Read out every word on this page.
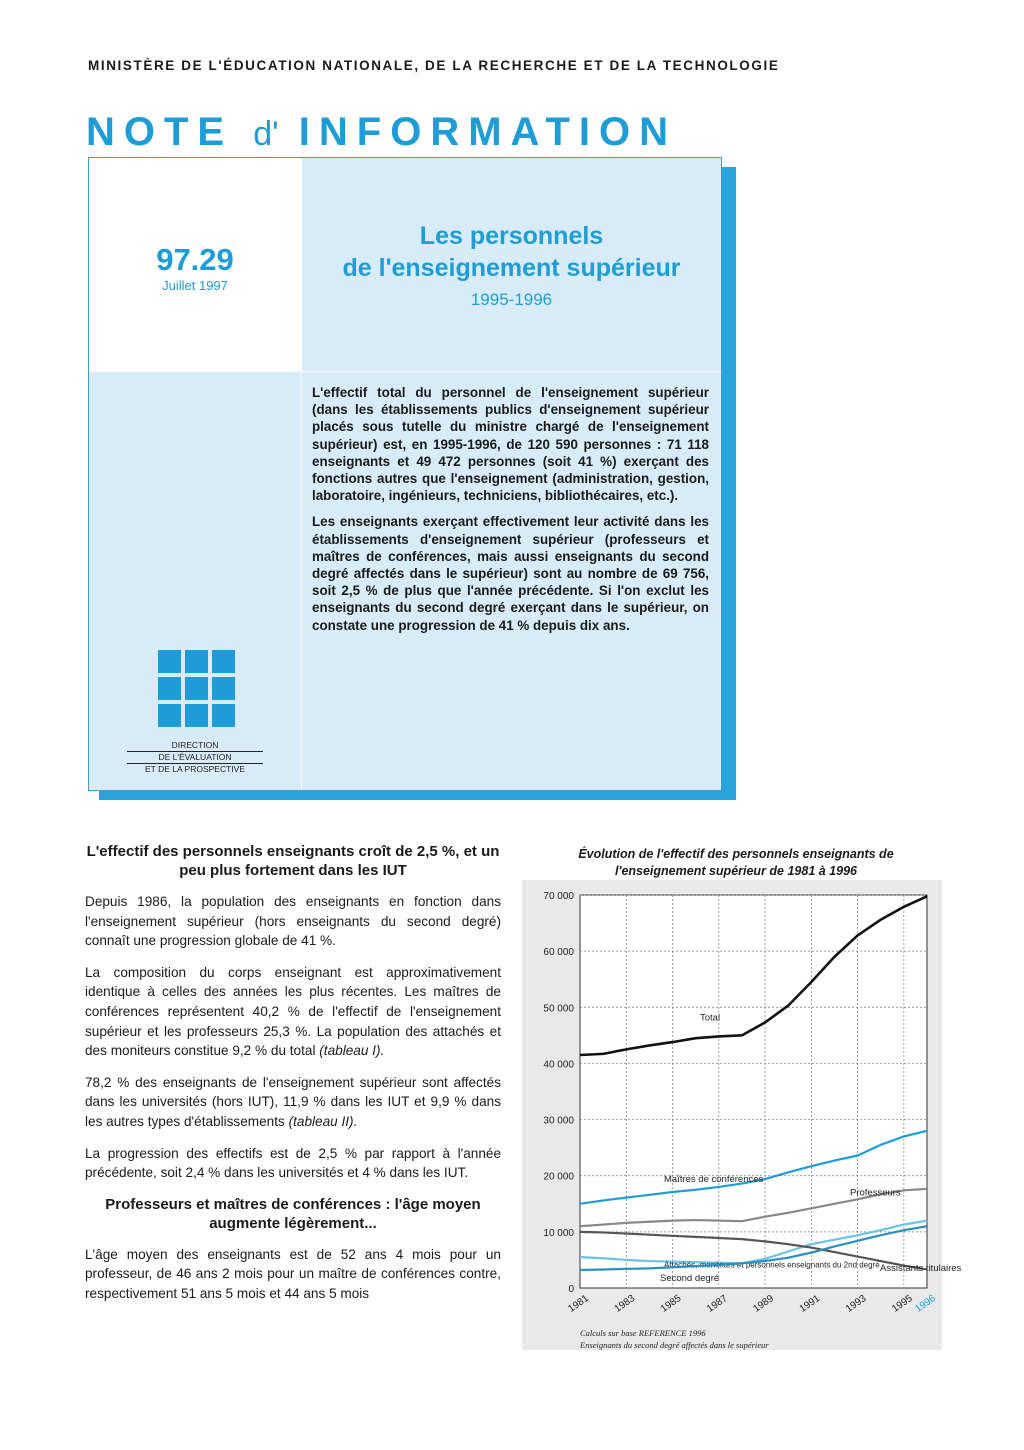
MINISTÈRE DE L'ÉDUCATION NATIONALE, DE LA RECHERCHE ET DE LA TECHNOLOGIE
NOTE d' INFORMATION
97.29
Juillet 1997
Les personnels
de l'enseignement supérieur
1995-1996
DIRECTION
DE L'ÉVALUATION
ET DE LA PROSPECTIVE

L'effectif total du personnel de l'enseignement supérieur (dans les établissements publics d'enseignement supérieur placés sous tutelle du ministre chargé de l'enseignement supérieur) est, en 1995-1996, de 120 590 personnes : 71 118 enseignants et 49 472 personnes (soit 41 %) exerçant des fonctions autres que l'enseignement (administration, gestion, laboratoire, ingénieurs, techniciens, bibliothécaires, etc.).

Les enseignants exerçant effectivement leur activité dans les établissements d'enseignement supérieur (professeurs et maîtres de conférences, mais aussi enseignants du second degré affectés dans le supérieur) sont au nombre de 69 756, soit 2,5 % de plus que l'année précédente. Si l'on exclut les enseignants du second degré exerçant dans le supérieur, on constate une progression de 41 % depuis dix ans.

L'effectif des personnels enseignants croît de 2,5 %, et un peu plus fortement dans les IUT

Depuis 1986, la population des enseignants en fonction dans l'enseignement supérieur (hors enseignants du second degré) connaît une progression globale de 41 %.

La composition du corps enseignant est approximativement identique à celles des années les plus récentes. Les maîtres de conférences représentent 40,2 % de l'effectif de l'enseignement supérieur et les professeurs 25,3 %. La population des attachés et des moniteurs constitue 9,2 % du total (tableau I).

78,2 % des enseignants de l'enseignement supérieur sont affectés dans les universités (hors IUT), 11,9 % dans les IUT et 9,9 % dans les autres types d'établissements (tableau II).

La progression des effectifs est de 2,5 % par rapport à l'année précédente, soit 2,4 % dans les universités et 4 % dans les IUT.

Professeurs et maîtres de conférences : l'âge moyen augmente légèrement...

L'âge moyen des enseignants est de 52 ans 4 mois pour un professeur, de 46 ans 2 mois pour un maître de conférences contre, respectivement 51 ans 5 mois et 44 ans 5 mois

Évolution de l'effectif des personnels enseignants de l'enseignement supérieur de 1981 à 1996
0
10 000
20 000
30 000
40 000
50 000
60 000
70 000
1981 1983 1985 1987 1989 1991 1993 1995
1996
Total
Maîtres de conférences
Professeurs
Attachés, moniteurs et personnels enseignants du 2nd degré Assistants titulaires
Second degré
Calculs sur base REFERENCE 1996
Enseignants du second degré affectés dans le supérieur
